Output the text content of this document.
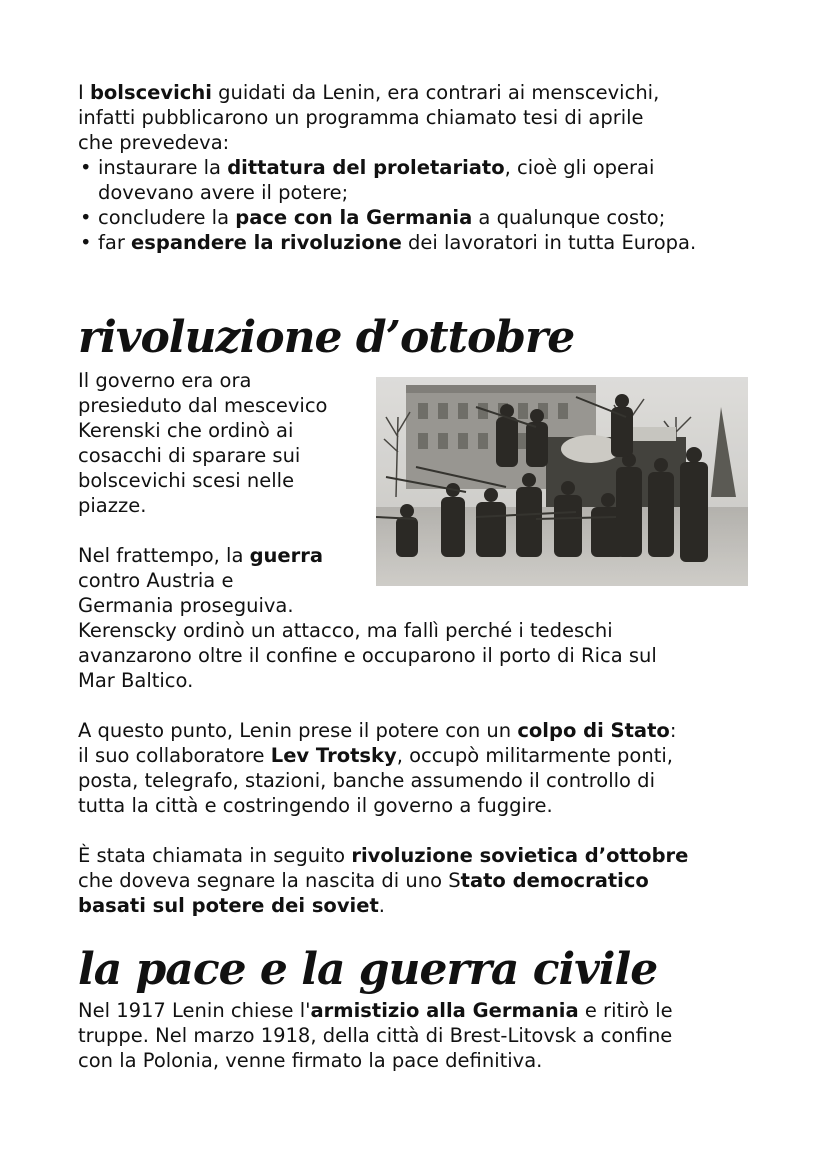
I bolscevichi guidati da Lenin, era contrari ai menscevichi,
infatti pubblicarono un programma chiamato tesi di aprile
che prevedeva:

• instaurare la dittatura del proletariato, cioè gli operai
dovevano avere il potere;
• concludere la pace con la Germania a qualunque costo;
• far espandere la rivoluzione dei lavoratori in tutta Europa.
rivoluzione d’ottobre

Il governo era ora
presieduto dal mescevico
Kerenski che ordinò ai
cosacchi di sparare sui
bolscevichi scesi nelle
piazze.

Nel frattempo, la guerra
contro Austria e
Germania proseguiva.
Kerenscky ordinò un attacco, ma fallì perché i tedeschi
avanzarono oltre il confine e occuparono il porto di Rica sul
Mar Baltico.

A questo punto, Lenin prese il potere con un colpo di Stato:
il suo collaboratore Lev Trotsky, occupò militarmente ponti,
posta, telegrafo, stazioni, banche assumendo il controllo di
tutta la città e costringendo il governo a fuggire.

È stata chiamata in seguito rivoluzione sovietica d’ottobre
che doveva segnare la nascita di uno Stato democratico
basati sul potere dei soviet.

la pace e la guerra civile

Nel 1917 Lenin chiese l'armistizio alla Germania e ritirò le
truppe. Nel marzo 1918, della città di Brest-Litovsk a confine
con la Polonia, venne firmato la pace definitiva.
